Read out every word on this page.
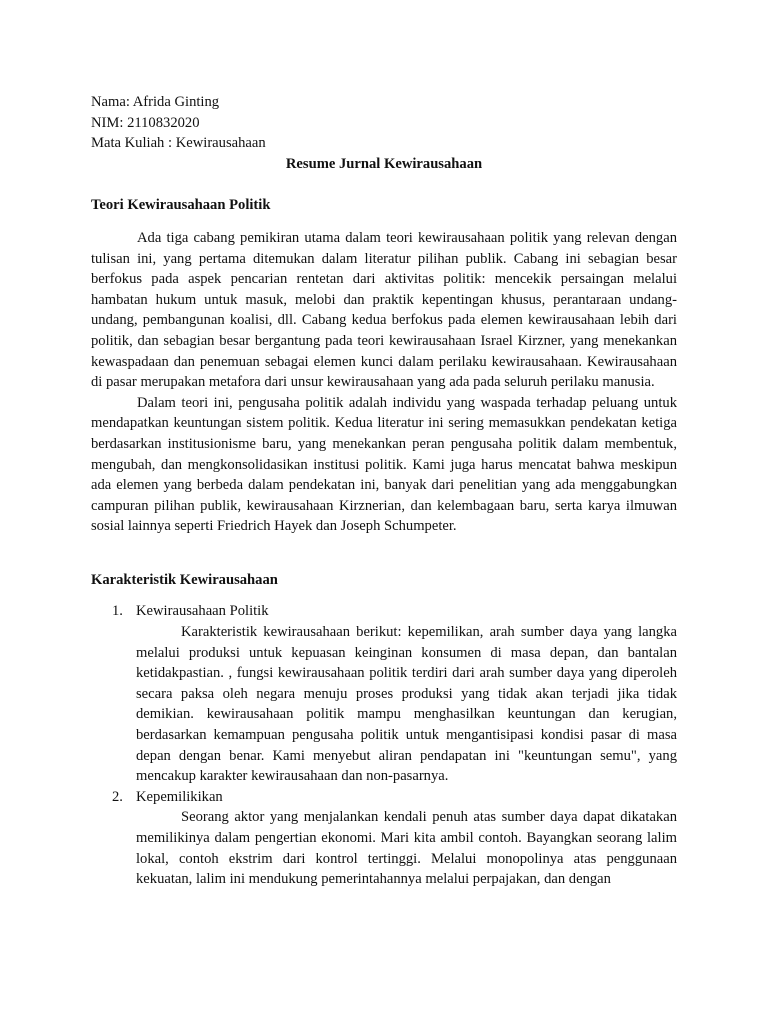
Nama: Afrida Ginting

NIM: 2110832020

Mata Kuliah : Kewirausahaan

Resume Jurnal Kewirausahaan

Teori Kewirausahaan Politik

Ada tiga cabang pemikiran utama dalam teori kewirausahaan politik yang relevan dengan tulisan ini, yang pertama ditemukan dalam literatur pilihan publik. Cabang ini sebagian besar berfokus pada aspek pencarian rentetan dari aktivitas politik: mencekik persaingan melalui hambatan hukum untuk masuk, melobi dan praktik kepentingan khusus, perantaraan undang-undang, pembangunan koalisi, dll. Cabang kedua berfokus pada elemen kewirausahaan lebih dari politik, dan sebagian besar bergantung pada teori kewirausahaan Israel Kirzner, yang menekankan kewaspadaan dan penemuan sebagai elemen kunci dalam perilaku kewirausahaan. Kewirausahaan di pasar merupakan metafora dari unsur kewirausahaan yang ada pada seluruh perilaku manusia.

Dalam teori ini, pengusaha politik adalah individu yang waspada terhadap peluang untuk mendapatkan keuntungan sistem politik. Kedua literatur ini sering memasukkan pendekatan ketiga berdasarkan institusionisme baru, yang menekankan peran pengusaha politik dalam membentuk, mengubah, dan mengkonsolidasikan institusi politik. Kami juga harus mencatat bahwa meskipun ada elemen yang berbeda dalam pendekatan ini, banyak dari penelitian yang ada menggabungkan campuran pilihan publik, kewirausahaan Kirznerian, dan kelembagaan baru, serta karya ilmuwan sosial lainnya seperti Friedrich Hayek dan Joseph Schumpeter.

Karakteristik Kewirausahaan

1. Kewirausahaan Politik

Karakteristik kewirausahaan berikut: kepemilikan, arah sumber daya yang langka melalui produksi untuk kepuasan keinginan konsumen di masa depan, dan bantalan ketidakpastian. , fungsi kewirausahaan politik terdiri dari arah sumber daya yang diperoleh secara paksa oleh negara menuju proses produksi yang tidak akan terjadi jika tidak demikian. kewirausahaan politik mampu menghasilkan keuntungan dan kerugian, berdasarkan kemampuan pengusaha politik untuk mengantisipasi kondisi pasar di masa depan dengan benar. Kami menyebut aliran pendapatan ini "keuntungan semu", yang mencakup karakter kewirausahaan dan non-pasarnya.

2. Kepemilikikan

Seorang aktor yang menjalankan kendali penuh atas sumber daya dapat dikatakan memilikinya dalam pengertian ekonomi. Mari kita ambil contoh. Bayangkan seorang lalim lokal, contoh ekstrim dari kontrol tertinggi. Melalui monopolinya atas penggunaan kekuatan, lalim ini mendukung pemerintahannya melalui perpajakan, dan dengan
